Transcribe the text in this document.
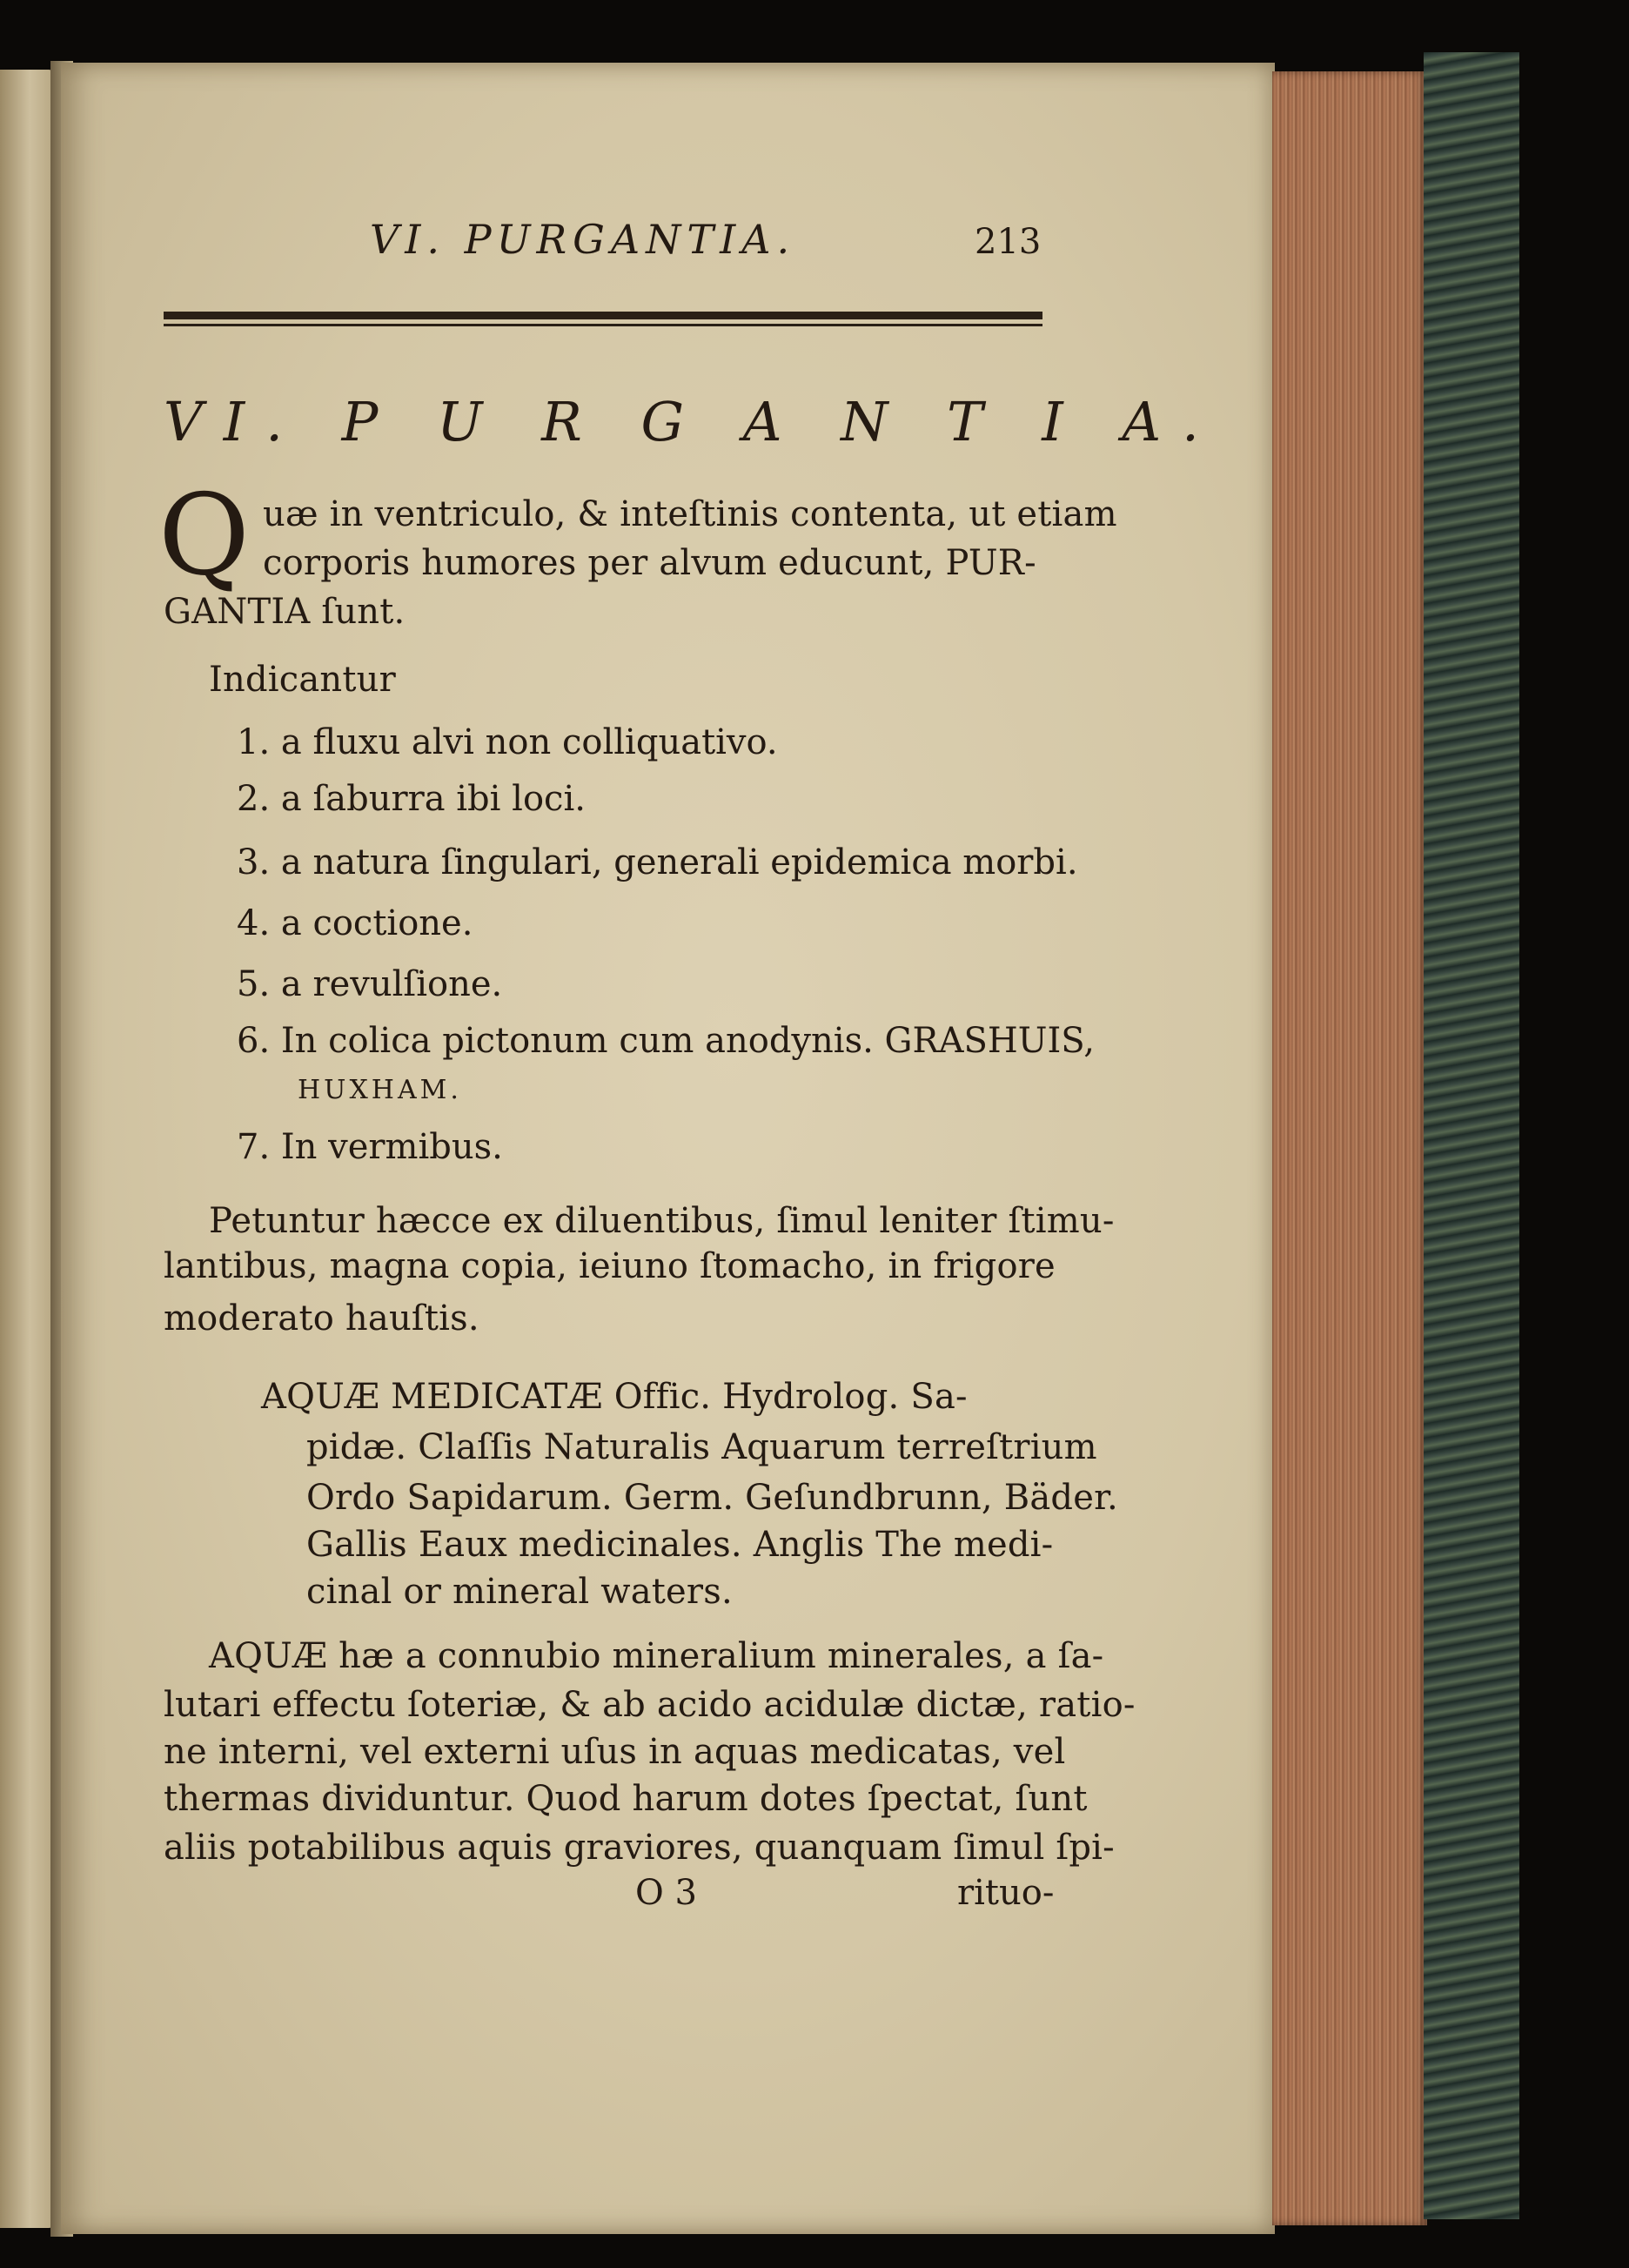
VI. PURGANTIA.	213
VI. P U R G A N T I A.
Q uæ in ventriculo, & inteſtinis contenta, ut etiam
corporis humores per alvum educunt, PUR-
GANTIA ſunt.
Indicantur
1. a fluxu alvi non colliquativo.
2. a ſaburra ibi loci.
3. a natura ſingulari, generali epidemica morbi.
4. a coctione.
5. a revulſione.
6. In colica pictonum cum anodynis. GRASHUIS,
HUXHAM.
7. In vermibus.
Petuntur hæcce ex diluentibus, ſimul leniter ſtimu-
lantibus, magna copia, ieiuno ſtomacho, in frigore
moderato hauſtis.
AQUÆ MEDICATÆ Offic. Hydrolog. Sa-
pidæ. Claſſis Naturalis Aquarum terreſtrium
Ordo Sapidarum. Germ. Geſundbrunn, Bäder.
Gallis Eaux medicinales. Anglis The medi-
cinal or mineral waters.
AQUÆ hæ a connubio mineralium minerales, a ſa-
lutari effectu ſoteriæ, & ab acido acidulæ dictæ, ratio-
ne interni, vel externi uſus in aquas medicatas, vel
thermas dividuntur. Quod harum dotes ſpectat, ſunt
aliis potabilibus aquis graviores, quanquam ſimul ſpi-
O 3	rituo-
